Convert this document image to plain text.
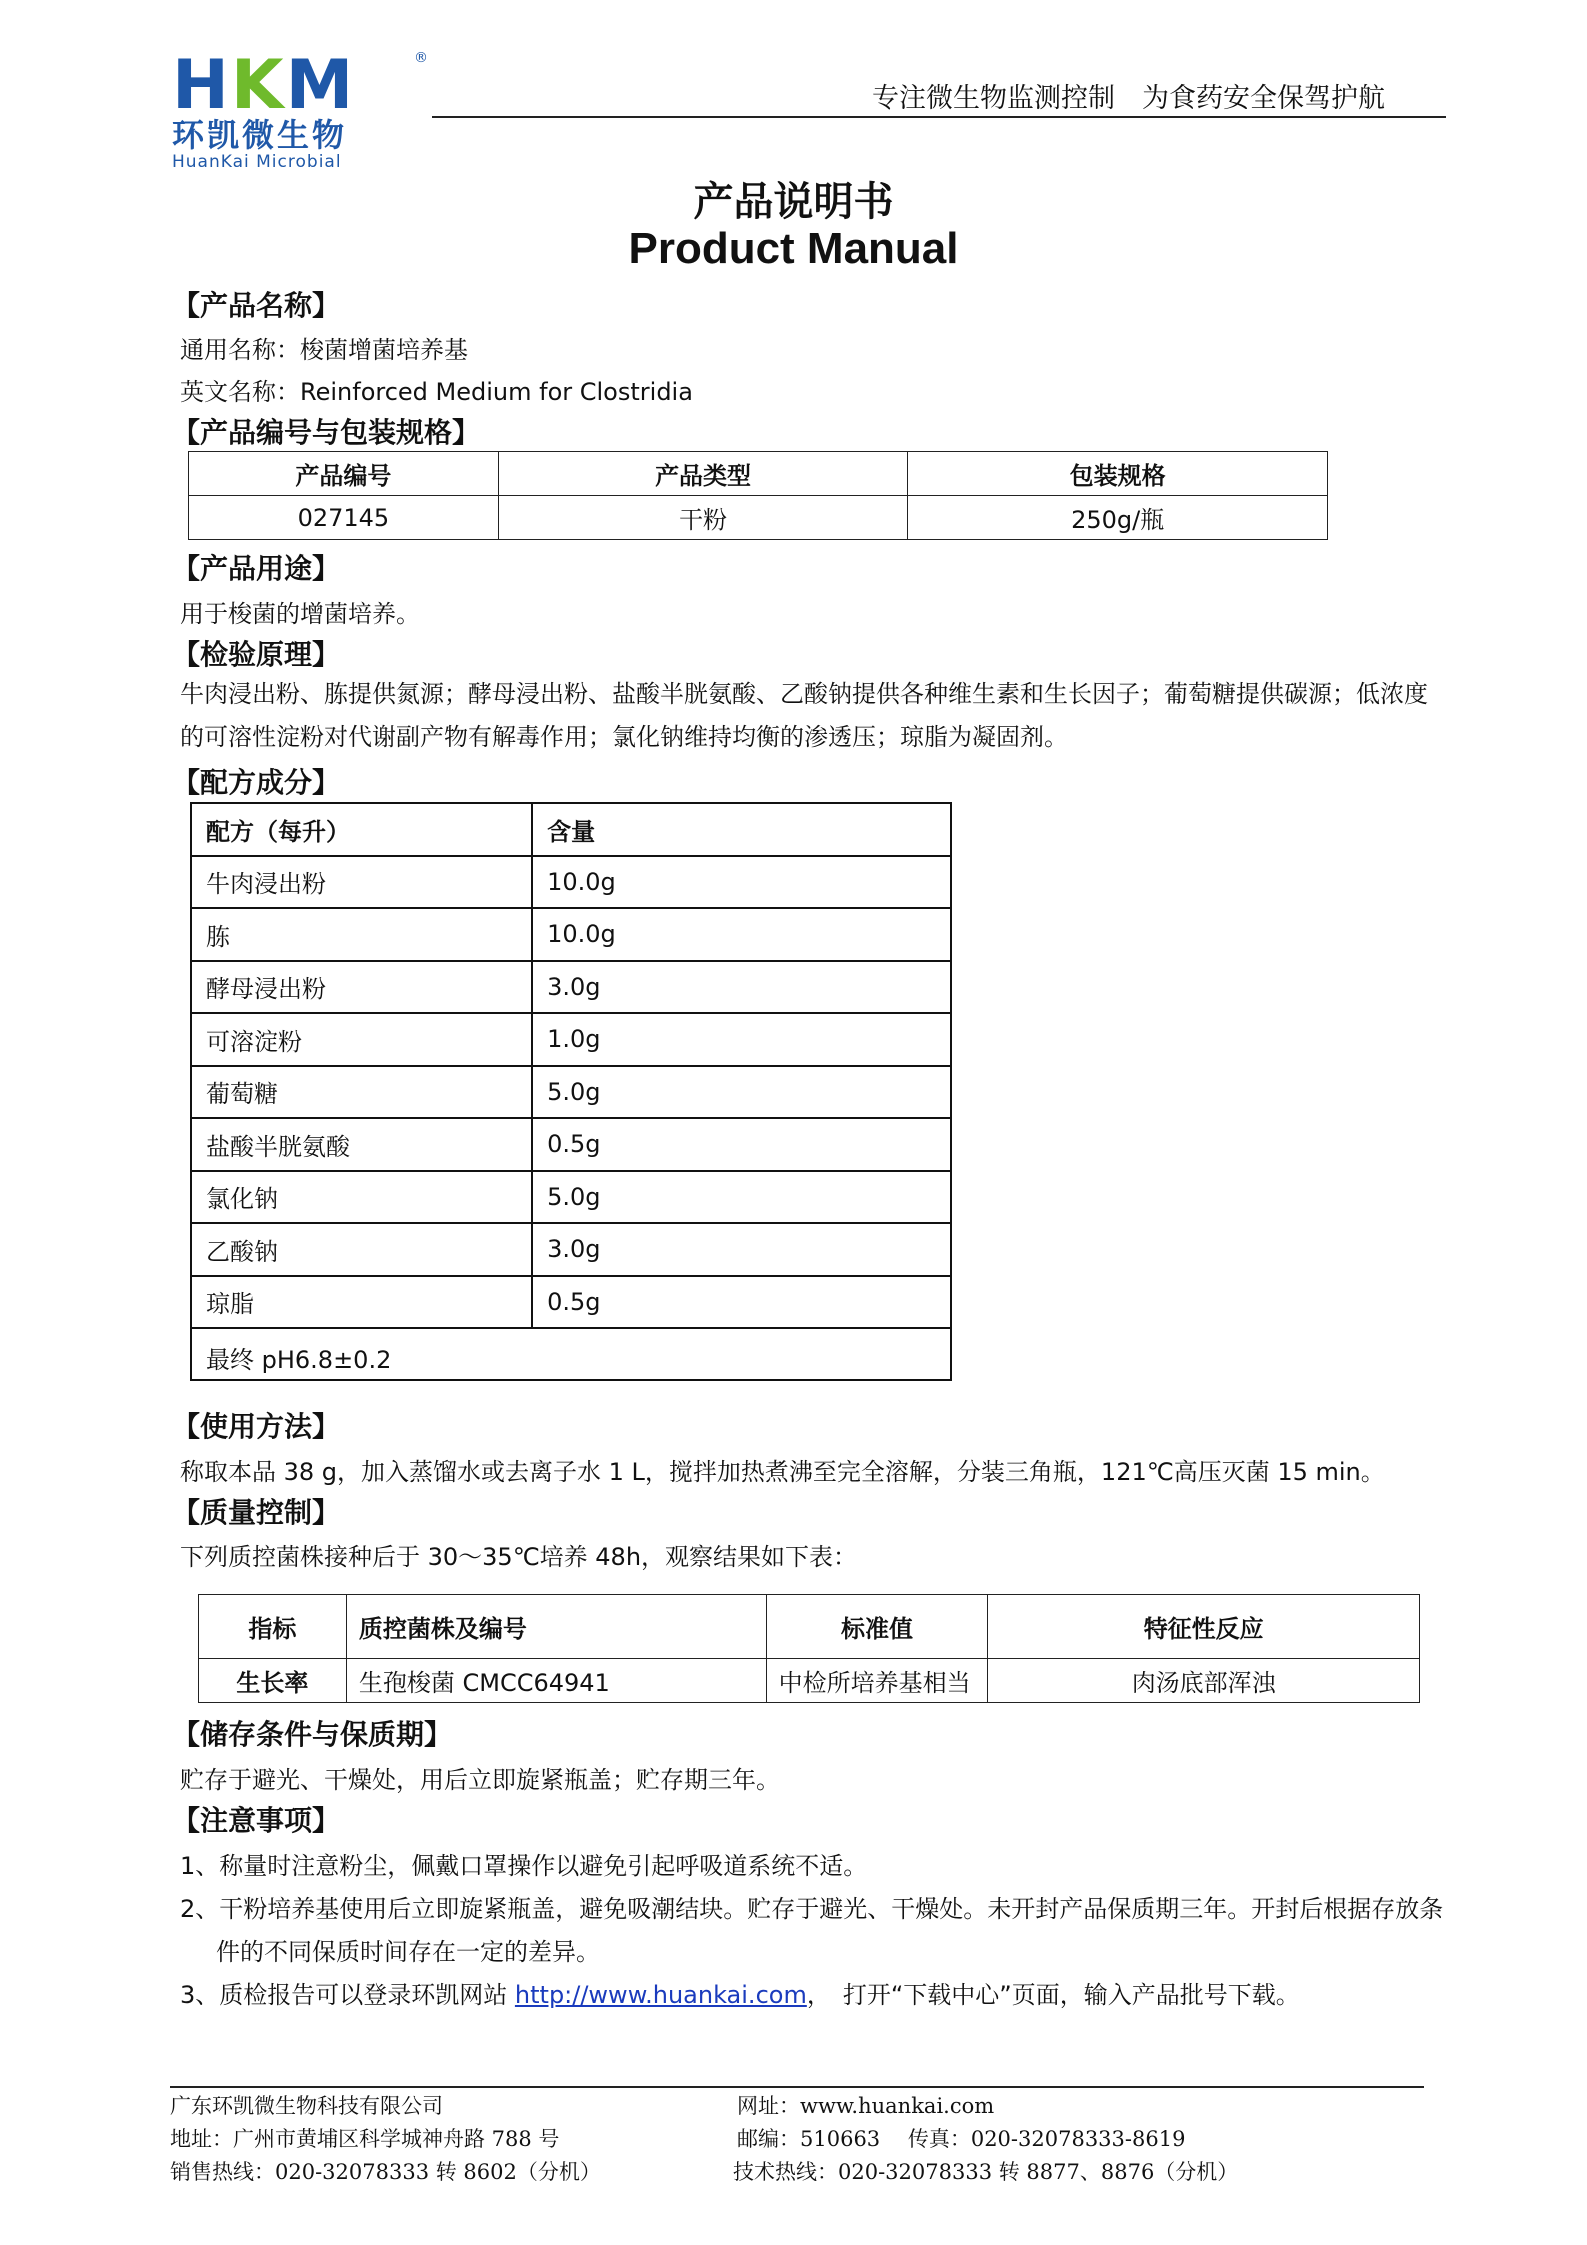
HKM	®
环凯微生物
HuanKai Microbial
专注微生物监测控制　为食药安全保驾护航
产品说明书
Product Manual
【产品名称】
通用名称：梭菌增菌培养基
英文名称：Reinforced Medium for Clostridia
【产品编号与包装规格】
产品编号	产品类型	包装规格
027145	干粉	250g/瓶
【产品用途】
用于梭菌的增菌培养。
【检验原理】
牛肉浸出粉、胨提供氮源；酵母浸出粉、盐酸半胱氨酸、乙酸钠提供各种维生素和生长因子；葡萄糖提供碳源；低浓度的可溶性淀粉对代谢副产物有解毒作用；氯化钠维持均衡的渗透压；琼脂为凝固剂。
【配方成分】
配方（每升）	含量
牛肉浸出粉	10.0g
胨	10.0g
酵母浸出粉	3.0g
可溶淀粉	1.0g
葡萄糖	5.0g
盐酸半胱氨酸	0.5g
氯化钠	5.0g
乙酸钠	3.0g
琼脂	0.5g
最终 pH6.8±0.2	
【使用方法】
称取本品 38 g，加入蒸馏水或去离子水 1 L，搅拌加热煮沸至完全溶解，分装三角瓶，121℃高压灭菌 15 min。
【质量控制】
下列质控菌株接种后于 30～35℃培养 48h，观察结果如下表：
指标	质控菌株及编号	标准值	特征性反应
生长率	生孢梭菌 CMCC64941	中检所培养基相当	肉汤底部浑浊
【储存条件与保质期】
贮存于避光、干燥处，用后立即旋紧瓶盖；贮存期三年。
【注意事项】
1、称量时注意粉尘，佩戴口罩操作以避免引起呼吸道系统不适。
2、干粉培养基使用后立即旋紧瓶盖，避免吸潮结块。贮存于避光、干燥处。未开封产品保质期三年。开封后根据存放条
件的不同保质时间存在一定的差异。
3、质检报告可以登录环凯网站 http://www.huankai.com，　打开“下载中心”页面，输入产品批号下载。
广东环凯微生物科技有限公司
地址：广州市黄埔区科学城神舟路 788 号
销售热线：020-32078333 转 8602（分机）
网址：www.huankai.com
邮编：510663　 传真：020-32078333-8619
技术热线：020-32078333 转 8877、8876（分机）
